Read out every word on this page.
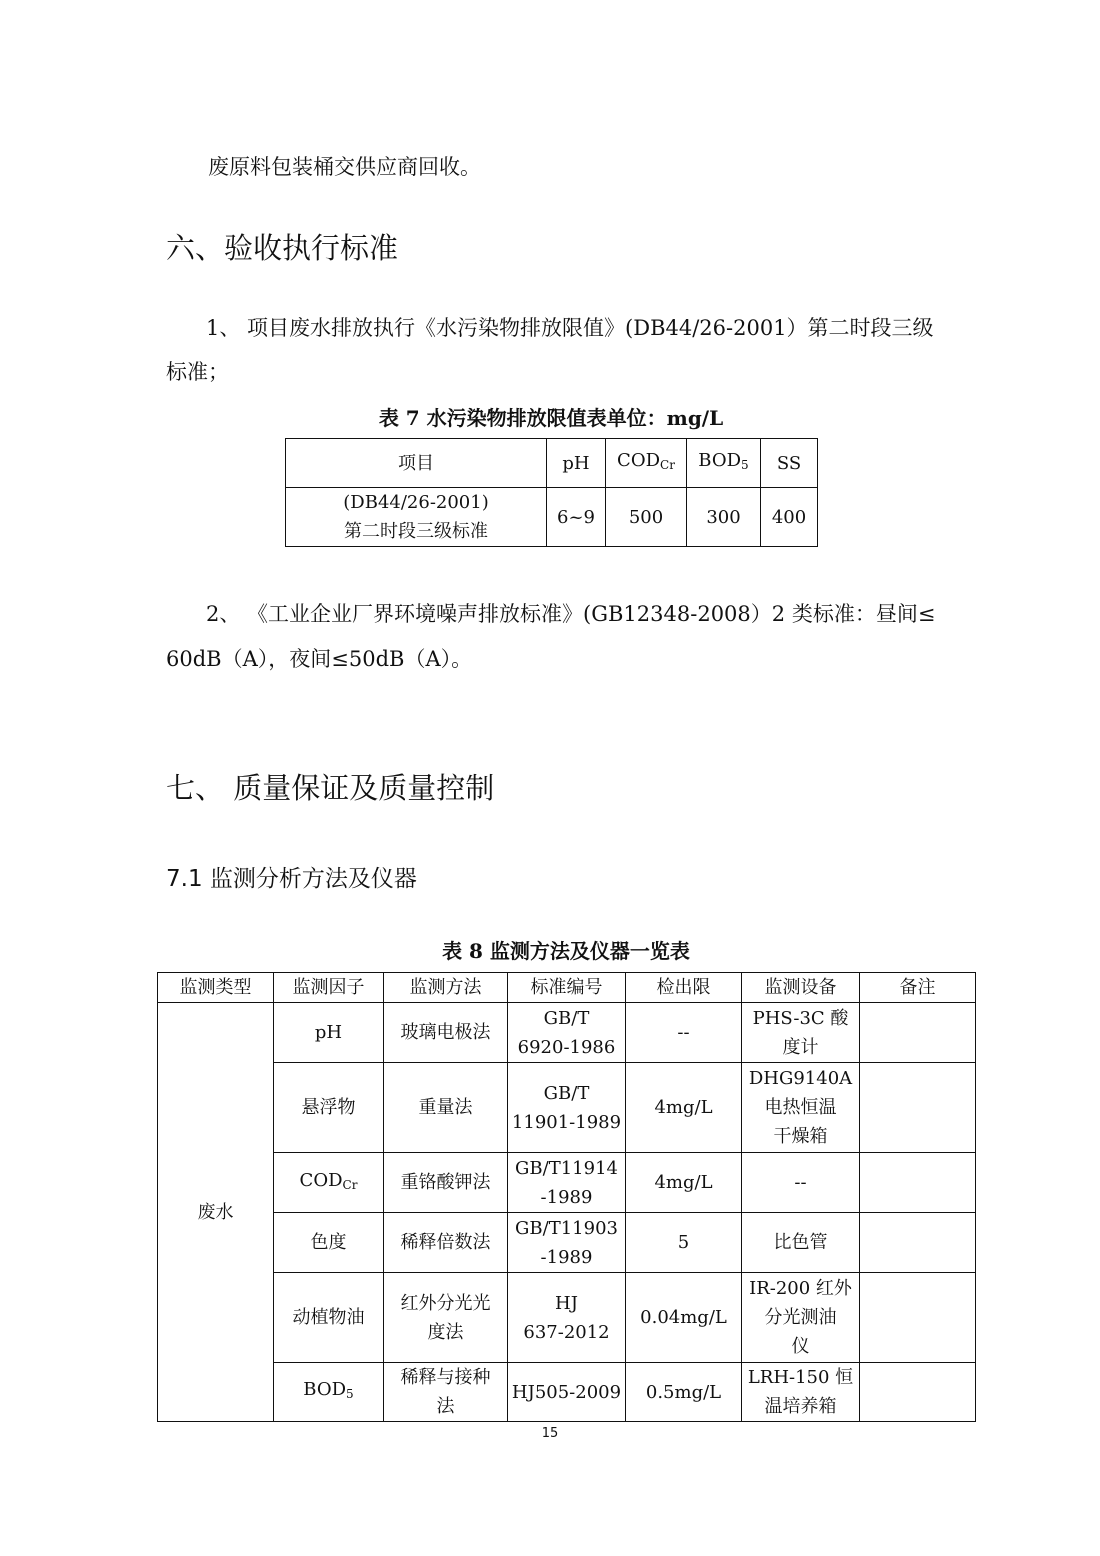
废原料包装桶交供应商回收。
六、验收执行标准
1、 项目废水排放执行《水污染物排放限值》(DB44/26-2001）第二时段三级
标准；
表 7 水污染物排放限值表单位：mg/L
项目	pH	$COD_{Cr}$	$BOD_5$	SS

(DB44/26-2001)
第二时段三级标准	6~9	500	300	400
2、 《工业企业厂界环境噪声排放标准》(GB12348-2008）2 类标准：昼间≤
60dB（A），夜间≤50dB（A）。
七、 质量保证及质量控制
7.1 监测分析方法及仪器
表 8 监测方法及仪器一览表
监测类型	监测因子	监测方法	标准编号	检出限	监测设备	备注
废水	pH	玻璃电极法	GB/T
6920-1986	--	PHS-3C 酸
度计	
	悬浮物	重量法	GB/T
11901-1989	4mg/L	DHG9140A
电热恒温
干燥箱	
	$COD_{Cr}$	重铬酸钾法	GB/T11914
-1989	4mg/L	--	
	色度	稀释倍数法	GB/T11903
-1989	5	比色管	
	动植物油	红外分光光
度法	HJ
637-2012	0.04mg/L	IR-200 红外
分光测油
仪	
	$BOD_5$	稀释与接种
法	HJ505-2009	0.5mg/L	LRH-150 恒
温培养箱	
15
